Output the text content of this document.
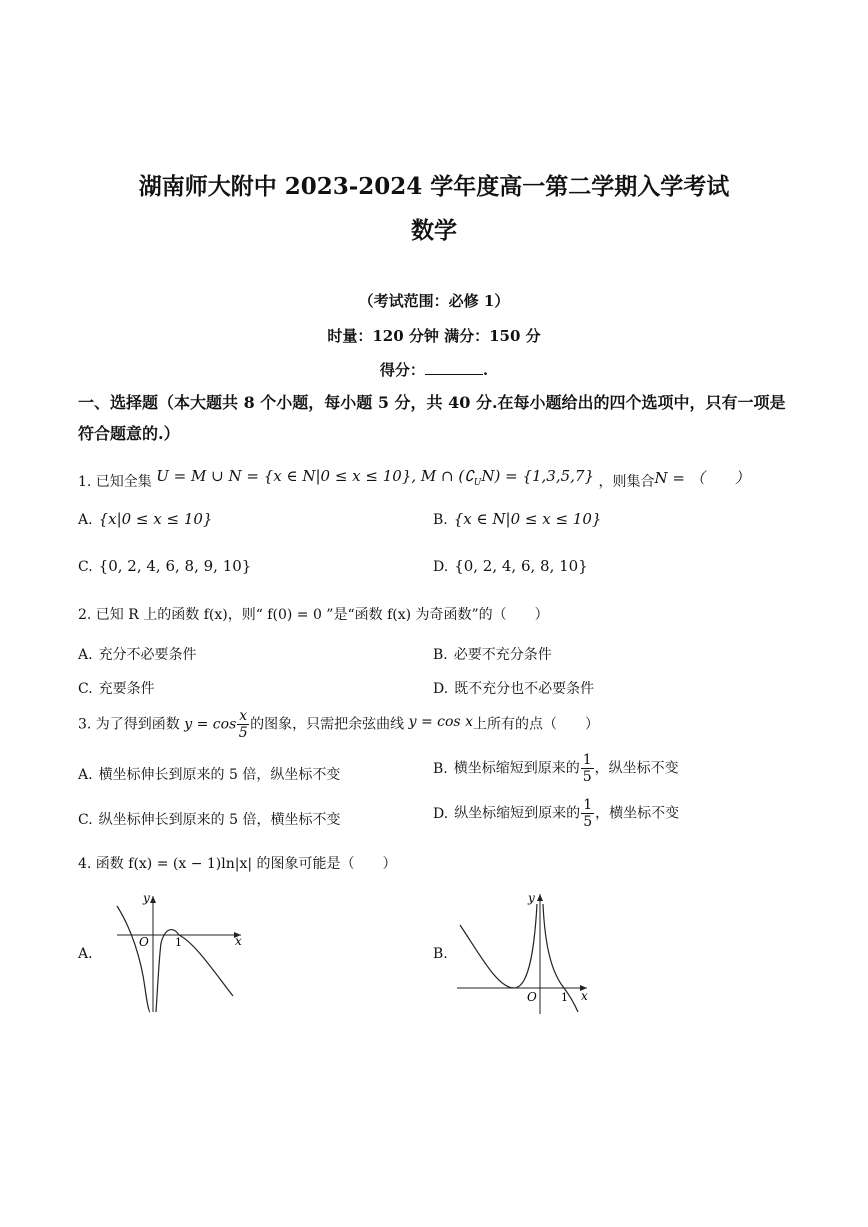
湖南师大附中 2023-2024 学年度高一第二学期入学考试
数学
（考试范围：必修 1）
时量：120 分钟 满分：150 分
得分：	.
一、选择题（本大题共 8 个小题，每小题 5 分，共 40 分.在每小题给出的四个选项中，只有一项是符合题意的.）
1. 已知全集 U = M ∪ N = {x ∈ N|0 ≤ x ≤ 10}, M ∩ $(∁_UN) = \{1,3,5,7\}$ ，则集合N = （　　）
A. {x|0 ≤ x ≤ 10}	B. {x ∈ N|0 ≤ x ≤ 10}
C. {0, 2, 4, 6, 8, 9, 10}	D. {0, 2, 4, 6, 8, 10}
2. 已知 R 上的函数 f(x)，则“ f(0) = 0 ”是“函数 f(x) 为奇函数”的（　　）
A. 充分不必要条件	B. 必要不充分条件
C. 充要条件	D. 既不充分也不必要条件
3. 为了得到函数 $y = \cos \frac{x}{5}$ 的图象，只需把余弦曲线 y = cos x上所有的点（　　）
A. 横坐标伸长到原来的 5 倍，纵坐标不变	B. 横坐标缩短到原来的 $\frac{1}{5}$ ，纵坐标不变
C. 纵坐标伸长到原来的 5 倍，横坐标不变	D. 纵坐标缩短到原来的 $\frac{1}{5}$ ，横坐标不变
4. 函数 f(x) = (x − 1)ln|x| 的图象可能是（　　）
A.
x
y
O 1
B.
x
y
O 1
